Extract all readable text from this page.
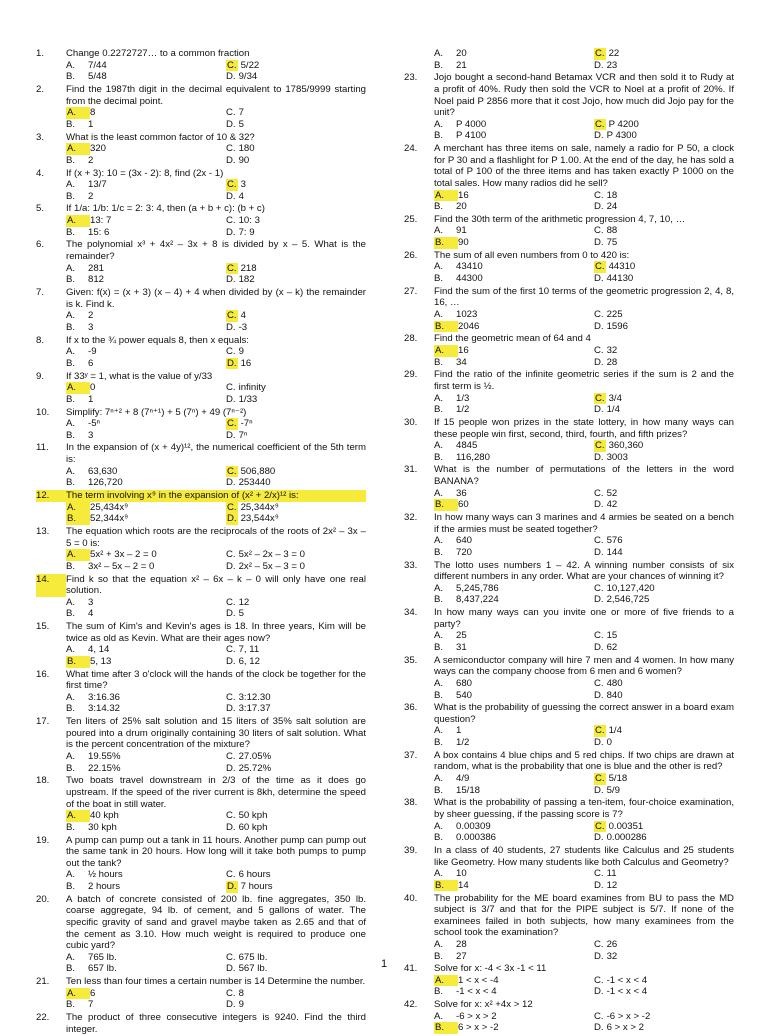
1.	Change 0.2272727… to a common fraction
A.	7/44	C. 5/22
B.	5/48	D. 9/34
2.	Find the 1987th digit in the decimal equivalent to 1785/9999 starting from the decimal point.
A.	8	C. 7
B.	1	D. 5
3.	What is the least common factor of 10 & 32?
A.	320	C. 180
B.	2	D. 90
4.	If (x + 3): 10 = (3x - 2): 8, find (2x - 1)
A.	13/7	C. 3
B.	2	D. 4
5.	If 1/a: 1/b: 1/c = 2: 3: 4, then (a + b + c): (b + c)
A.	13: 7	C. 10: 3
B.	15: 6	D. 7: 9
6.	The polynomial x³ + 4x² – 3x + 8 is divided by x – 5. What is the remainder?
A.	281	C. 218
B.	812	D. 182
7.	Given: f(x) = (x + 3) (x – 4) + 4 when divided by (x – k) the remainder is k. Find k.
A.	2	C. 4
B.	3	D. -3
8.	If x to the ¾ power equals 8, then x equals:
A.	-9	C. 9
B.	6	D. 16
9.	If 33ʸ = 1, what is the value of y/33
A.	0	C. infinity
B.	1	D. 1/33
10.	Simplify: 7ⁿ⁺² + 8 (7ⁿ⁺¹) + 5 (7ⁿ) + 49 (7ⁿ⁻²)
A.	-5ⁿ	C. -7ⁿ
B.	3	D. 7ⁿ
11.	In the expansion of (x + 4y)¹², the numerical coefficient of the 5th term is:
A.	63,630	C. 506,880
B.	126,720	D. 253440
12.	The term involving x⁹ in the expansion of (x² + 2/x)¹² is:
A.	25,434x⁹	C. 25,344x⁹
B.	52,344x⁹	D. 23,544x⁹
13.	The equation which roots are the reciprocals of the roots of 2x² – 3x – 5 = 0 is:
A.	5x² + 3x – 2 = 0	C. 5x² – 2x – 3 = 0
B.	3x² – 5x – 2 = 0	D. 2x² – 5x – 3 = 0
14.	Find k so that the equation x² – 6x – k – 0 will only have one real solution.
A.	3	C. 12
B.	4	D. 5
15.	The sum of Kim's and Kevin's ages is 18. In three years, Kim will be twice as old as Kevin. What are their ages now?
A.	4, 14	C. 7, 11
B.	5, 13	D. 6, 12
16.	What time after 3 o'clock will the hands of the clock be together for the first time?
A.	3:16.36	C. 3:12.30
B.	3:14.32	D. 3:17.37
17.	Ten liters of 25% salt solution and 15 liters of 35% salt solution are poured into a drum originally containing 30 liters of salt solution. What is the percent concentration of the mixture?
A.	19.55%	C. 27.05%
B.	22.15%	D. 25.72%
18.	Two boats travel downstream in 2/3 of the time as it does go upstream. If the speed of the river current is 8kh, determine the speed of the boat in still water.
A.	40 kph	C. 50 kph
B.	30 kph	D. 60 kph
19.	A pump can pump out a tank in 11 hours. Another pump can pump out the same tank in 20 hours. How long will it take both pumps to pump out the tank?
A.	½ hours	C. 6 hours
B.	2 hours	D. 7 hours
20.	A batch of concrete consisted of 200 lb. fine aggregates, 350 lb. coarse aggregate, 94 lb. of cement, and 5 gallons of water. The specific gravity of sand and gravel maybe taken as 2.65 and that of the cement as 3.10. How much weight is required to produce one cubic yard?
A.	765 lb.	C. 675 lb.
B.	657 lb.	D. 567 lb.
21.	Ten less than four times a certain number is 14 Determine the number.
A.	6	C. 8
B.	7	D. 9
22.	The product of three consecutive integers is 9240. Find the third integer.
A.	20	C. 22
B.	21	D. 23
23.	Jojo bought a second-hand Betamax VCR and then sold it to Rudy at a profit of 40%. Rudy then sold the VCR to Noel at a profit of 20%. If Noel paid P 2856 more that it cost Jojo, how much did Jojo pay for the unit?
A.	P 4000	C. P 4200
B.	P 4100	D. P 4300
24.	A merchant has three items on sale, namely a radio for P 50, a clock for P 30 and a flashlight for P 1.00. At the end of the day, he has sold a total of P 100 of the three items and has taken exactly P 1000 on the total sales. How many radios did he sell?
A.	16	C. 18
B.	20	D. 24
25.	Find the 30th term of the arithmetic progression 4, 7, 10, …
A.	91	C. 88
B.	90	D. 75
26.	The sum of all even numbers from 0 to 420 is:
A.	43410	C. 44310
B.	44300	D. 44130
27.	Find the sum of the first 10 terms of the geometric progression 2, 4, 8, 16, …
A.	1023	C. 225
B.	2046	D. 1596
28.	Find the geometric mean of 64 and 4
A.	16	C. 32
B.	34	D. 28
29.	Find the ratio of the infinite geometric series if the sum is 2 and the first term is ½.
A.	1/3	C. 3/4
B.	1/2	D. 1/4
30.	If 15 people won prizes in the state lottery, in how many ways can these people win first, second, third, fourth, and fifth prizes?
A.	4845	C. 360,360
B.	116,280	D. 3003
31.	What is the number of permutations of the letters in the word BANANA?
A.	36	C. 52
B.	60	D. 42
32.	In how many ways can 3 marines and 4 armies be seated on a bench if the armies must be seated together?
A.	640	C. 576
B.	720	D. 144
33.	The lotto uses numbers 1 – 42. A winning number consists of six different numbers in any order. What are your chances of winning it?
A.	5,245,786	C. 10,127,420
B.	8,437,224	D. 2,546,725
34.	In how many ways can you invite one or more of five friends to a party?
A.	25	C. 15
B.	31	D. 62
35.	A semiconductor company will hire 7 men and 4 women. In how many ways can the company choose from 6 men and 6 women?
A.	680	C. 480
B.	540	D. 840
36.	What is the probability of guessing the correct answer in a board exam question?
A.	1	C. 1/4
B.	1/2	D. 0
37.	A box contains 4 blue chips and 5 red chips. If two chips are drawn at random, what is the probability that one is blue and the other is red?
A.	4/9	C. 5/18
B.	15/18	D. 5/9
38.	What is the probability of passing a ten-item, four-choice examination, by sheer guessing, if the passing score is 7?
A.	0.00309	C. 0.00351
B.	0.000386	D. 0.000286
39.	In a class of 40 students, 27 students like Calculus and 25 students like Geometry. How many students like both Calculus and Geometry?
A.	10	C. 11
B.	14	D. 12
40.	The probability for the ME board examines from BU to pass the MD subject is 3/7 and that for the PIPE subject is 5/7. If none of the examinees failed in both subjects, how many examinees from the school took the examination?
A.	28	C. 26
B.	27	D. 32
41.	Solve for x: -4 < 3x -1 < 11
A.	1 < x < -4	C. -1 < x < 4
B.	-1 < x < 4	D. -1 < x < 4
42.	Solve for x: x² +4x > 12
A.	-6 > x > 2	C. -6 > x > -2
B.	6 > x > -2	D. 6 > x > 2
1
